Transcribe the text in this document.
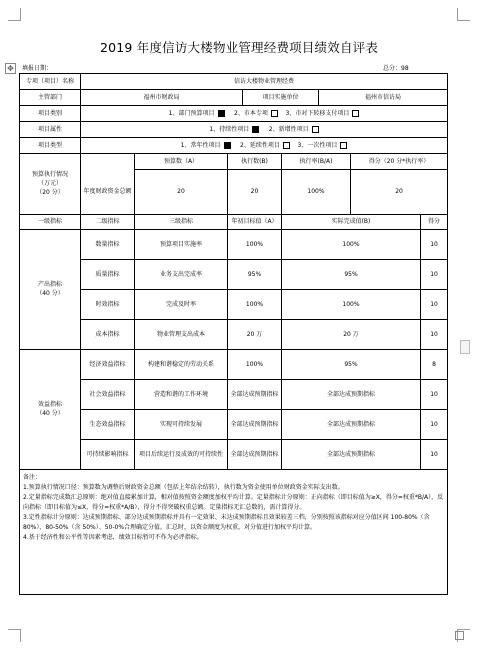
2019 年度信访大楼物业管理经费项目绩效自评表
✥	填报日期：	总分：98
专项（项目）名称	信访大楼物业管理经费							
主管部门	福州市财政局			项目实施单位		福州市信访局		
项目类别	1、部门预算项目 2、市本专项 3、市对下转移支付项目							
项目属性	1、持续性项目 2、新增性项目							
项目类型	1、常年性项目 2、延续性项目 3、一次性项目							

预算执行情况
（万元）
（20 分）		预算数（A）	执行数(B)		执行率(B/A)		得分（20 分*执行率）	
	年度财政资金总额	20	20		100%		20	
一级指标	二级指标	三级指标	年初目标值（A）		实际完成值(B)			得分

产出指标
（40 分）	数量指标	预算项目实施率	100%		100%			10
	质量指标	业务支出完成率	95%		95%			10
	时效指标	完成及时率	100%		100%			10
	成本指标	物业管理支出成本	20 万		20 万			10

效益指标
（40 分）	经济效益指标	构建和谐稳定的劳动关系	100%		95%			8
	社会效益指标	营造和谐的工作环境	全部达成预期指标		全部达成预期指标			10
	生态效益指标	实现可持续发展	全部达成预期指标		全部达成预期指标			10
	可持续影响指标	项目后续运行及成效的可持续性	全部达成预期指标		全部达成预期指标			10

备注：
1.预算执行情况口径：预算数为调整后财政资金总额（包括上年结余结转），执行数为资金使用单位财政资金实际支出数。
2.定量指标完成数汇总原则：绝对值直接累加计算，相对值按照资金额度加权平均计算。定量指标计分原则：正向指标（即目标值为≥X，得分=权重*B/A），反向指标（即目标值为≤X，得分=权重*A/B），得分不得突破权重总额。定量指标无汇总数的，需计算得分。
3.定性指标计分原则：达成预期指标、部分达成预期指标并具有一定效果、未达成预期指标且效果较差三档，分别按照该指标对应分值区间 100-80%（含 80%）、80-50%（含 50%）、50-0%合理确定分值。汇总时，以资金额度为权重，对分值进行加权平均计算。
4.基于经济性和公平性等因素考虑，绩效目标暂可不作为必评指标。								
